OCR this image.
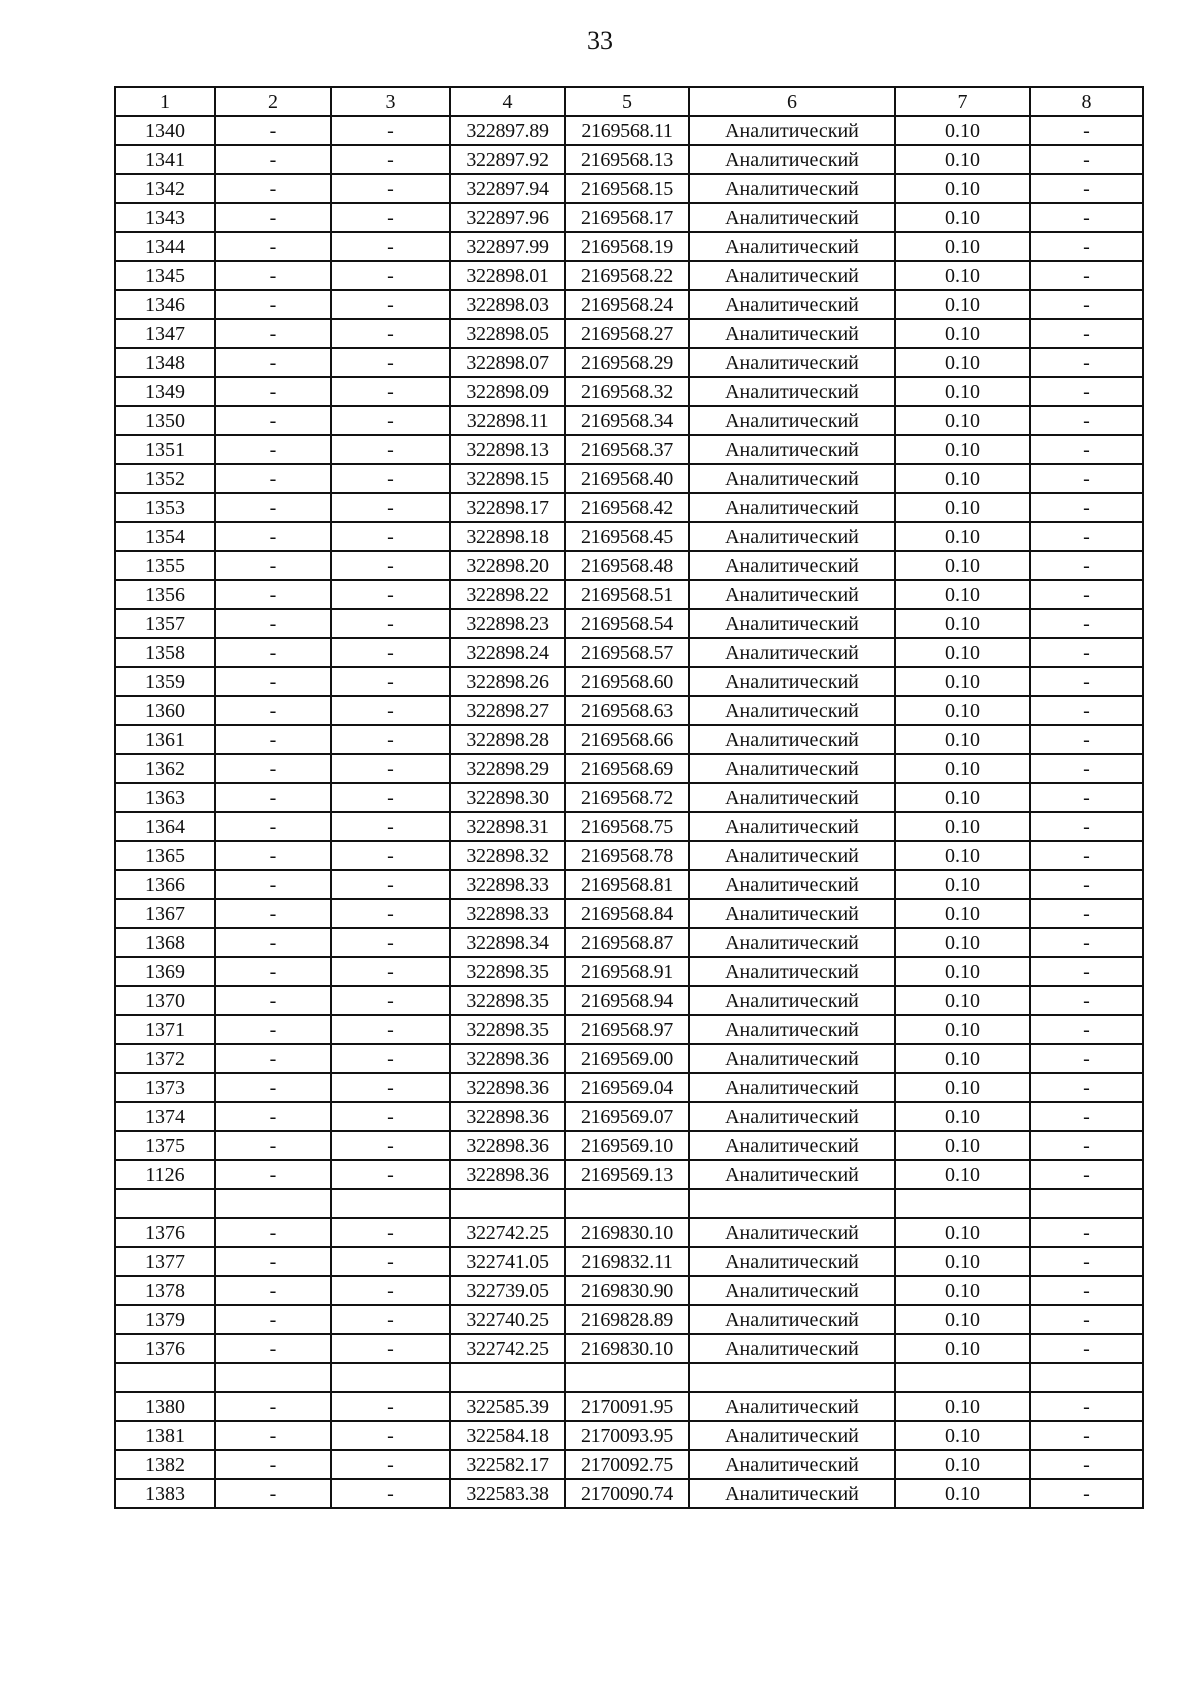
33
1	2	3	4	5	6	7	8
1340	-	-	322897.89	2169568.11	Аналитический	0.10	-
1341	-	-	322897.92	2169568.13	Аналитический	0.10	-
1342	-	-	322897.94	2169568.15	Аналитический	0.10	-
1343	-	-	322897.96	2169568.17	Аналитический	0.10	-
1344	-	-	322897.99	2169568.19	Аналитический	0.10	-
1345	-	-	322898.01	2169568.22	Аналитический	0.10	-
1346	-	-	322898.03	2169568.24	Аналитический	0.10	-
1347	-	-	322898.05	2169568.27	Аналитический	0.10	-
1348	-	-	322898.07	2169568.29	Аналитический	0.10	-
1349	-	-	322898.09	2169568.32	Аналитический	0.10	-
1350	-	-	322898.11	2169568.34	Аналитический	0.10	-
1351	-	-	322898.13	2169568.37	Аналитический	0.10	-
1352	-	-	322898.15	2169568.40	Аналитический	0.10	-
1353	-	-	322898.17	2169568.42	Аналитический	0.10	-
1354	-	-	322898.18	2169568.45	Аналитический	0.10	-
1355	-	-	322898.20	2169568.48	Аналитический	0.10	-
1356	-	-	322898.22	2169568.51	Аналитический	0.10	-
1357	-	-	322898.23	2169568.54	Аналитический	0.10	-
1358	-	-	322898.24	2169568.57	Аналитический	0.10	-
1359	-	-	322898.26	2169568.60	Аналитический	0.10	-
1360	-	-	322898.27	2169568.63	Аналитический	0.10	-
1361	-	-	322898.28	2169568.66	Аналитический	0.10	-
1362	-	-	322898.29	2169568.69	Аналитический	0.10	-
1363	-	-	322898.30	2169568.72	Аналитический	0.10	-
1364	-	-	322898.31	2169568.75	Аналитический	0.10	-
1365	-	-	322898.32	2169568.78	Аналитический	0.10	-
1366	-	-	322898.33	2169568.81	Аналитический	0.10	-
1367	-	-	322898.33	2169568.84	Аналитический	0.10	-
1368	-	-	322898.34	2169568.87	Аналитический	0.10	-
1369	-	-	322898.35	2169568.91	Аналитический	0.10	-
1370	-	-	322898.35	2169568.94	Аналитический	0.10	-
1371	-	-	322898.35	2169568.97	Аналитический	0.10	-
1372	-	-	322898.36	2169569.00	Аналитический	0.10	-
1373	-	-	322898.36	2169569.04	Аналитический	0.10	-
1374	-	-	322898.36	2169569.07	Аналитический	0.10	-
1375	-	-	322898.36	2169569.10	Аналитический	0.10	-
1126	-	-	322898.36	2169569.13	Аналитический	0.10	-

1376	-	-	322742.25	2169830.10	Аналитический	0.10	-
1377	-	-	322741.05	2169832.11	Аналитический	0.10	-
1378	-	-	322739.05	2169830.90	Аналитический	0.10	-
1379	-	-	322740.25	2169828.89	Аналитический	0.10	-
1376	-	-	322742.25	2169830.10	Аналитический	0.10	-

1380	-	-	322585.39	2170091.95	Аналитический	0.10	-
1381	-	-	322584.18	2170093.95	Аналитический	0.10	-
1382	-	-	322582.17	2170092.75	Аналитический	0.10	-
1383	-	-	322583.38	2170090.74	Аналитический	0.10	-
